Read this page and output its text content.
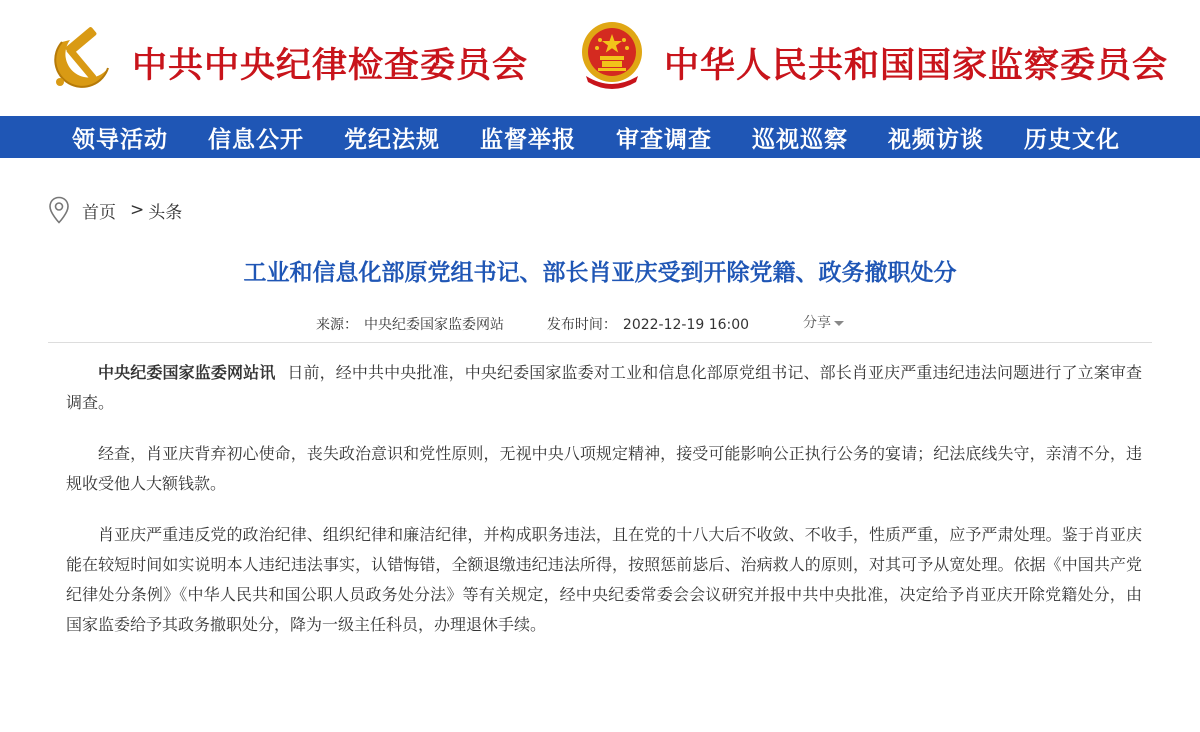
中共中央纪律检查委员会	中华人民共和国国家监察委员会
领导活动 信息公开 党纪法规 监督举报 审查调查 巡视巡察 视频访谈 历史文化
首页 > 头条
工业和信息化部原党组书记、部长肖亚庆受到开除党籍、政务撤职处分
来源： 中央纪委国家监委网站	发布时间： 2022-12-19 16:00	分享

中央纪委国家监委网站讯 日前，经中共中央批准，中央纪委国家监委对工业和信息化部原党组书记、部长肖亚庆严重违纪违法问题进行了立案审查调查。

经查，肖亚庆背弃初心使命，丧失政治意识和党性原则，无视中央八项规定精神，接受可能影响公正执行公务的宴请；纪法底线失守，亲清不分，违规收受他人大额钱款。

肖亚庆严重违反党的政治纪律、组织纪律和廉洁纪律，并构成职务违法，且在党的十八大后不收敛、不收手，性质严重，应予严肃处理。鉴于肖亚庆能在较短时间如实说明本人违纪违法事实，认错悔错，全额退缴违纪违法所得，按照惩前毖后、治病救人的原则，对其可予从宽处理。依据《中国共产党纪律处分条例》《中华人民共和国公职人员政务处分法》等有关规定，经中央纪委常委会会议研究并报中共中央批准，决定给予肖亚庆开除党籍处分，由国家监委给予其政务撤职处分，降为一级主任科员，办理退休手续。
